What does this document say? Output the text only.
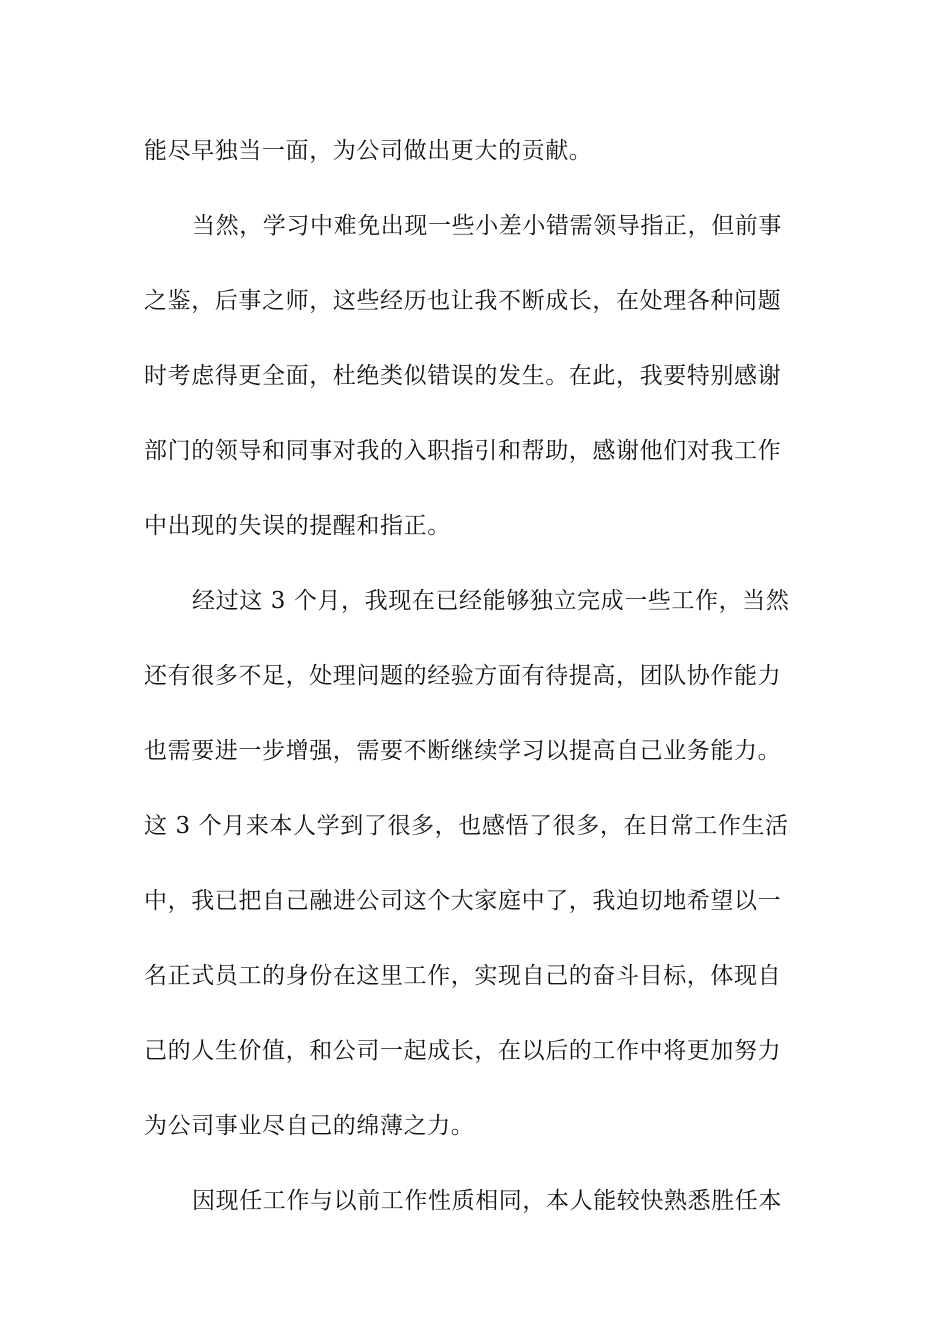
能尽早独当一面，为公司做出更大的贡献。

当然，学习中难免出现一些小差小错需领导指正，但前事

之鉴，后事之师，这些经历也让我不断成长，在处理各种问题

时考虑得更全面，杜绝类似错误的发生。在此，我要特别感谢

部门的领导和同事对我的入职指引和帮助，感谢他们对我工作

中出现的失误的提醒和指正。

经过这 3 个月，我现在已经能够独立完成一些工作，当然

还有很多不足，处理问题的经验方面有待提高，团队协作能力

也需要进一步增强，需要不断继续学习以提高自己业务能力。

这 3 个月来本人学到了很多，也感悟了很多，在日常工作生活

中，我已把自己融进公司这个大家庭中了，我迫切地希望以一

名正式员工的身份在这里工作，实现自己的奋斗目标，体现自

己的人生价值，和公司一起成长，在以后的工作中将更加努力

为公司事业尽自己的绵薄之力。

因现任工作与以前工作性质相同，本人能较快熟悉胜任本
